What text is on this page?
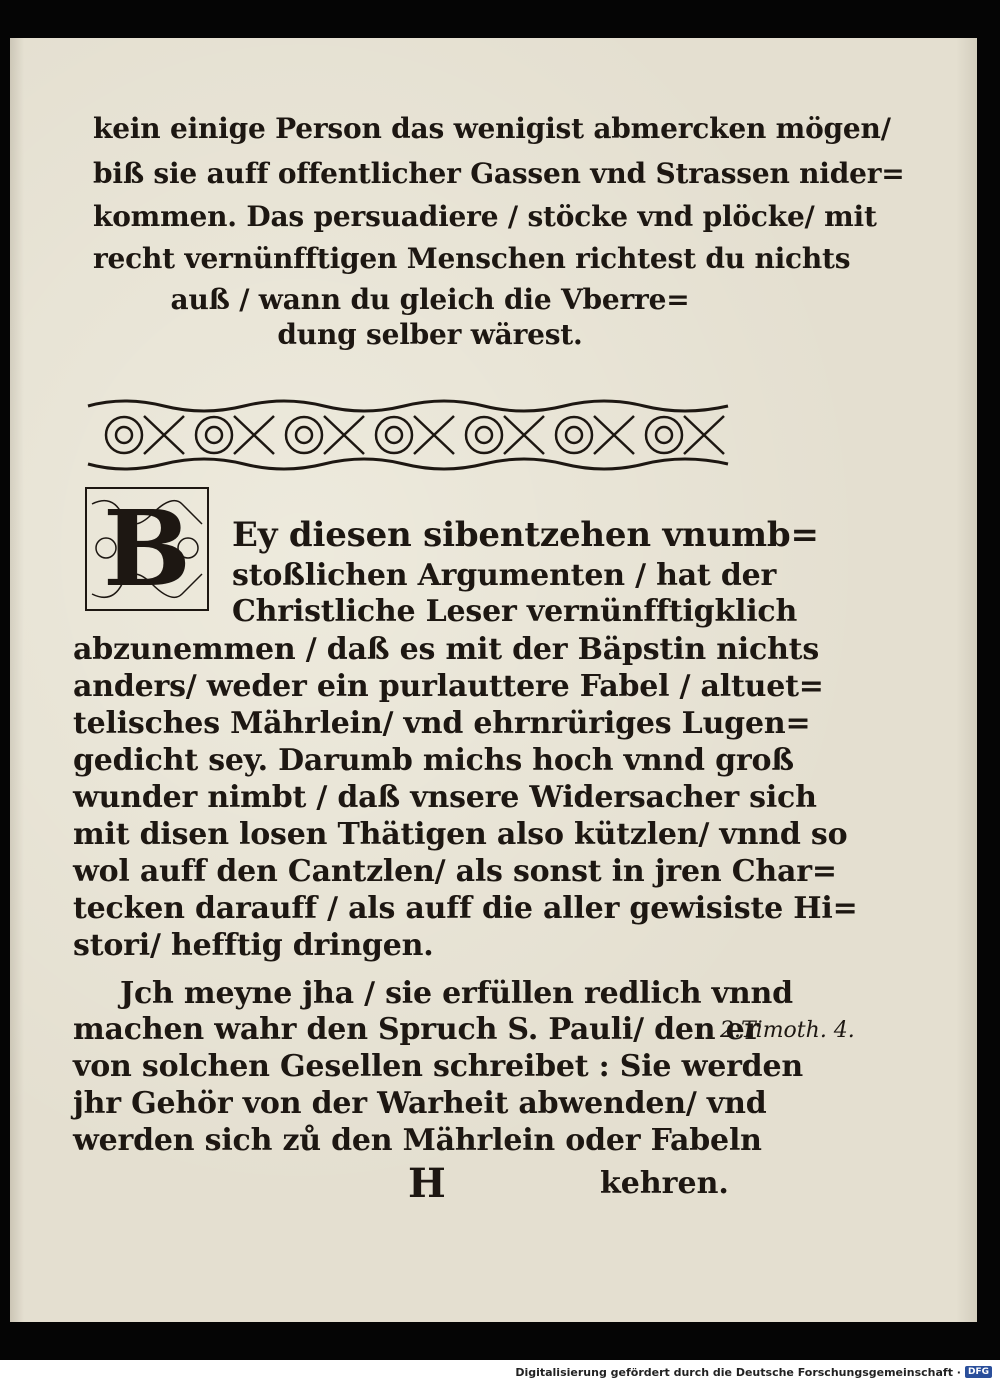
kein einige Person das wenigist abmercken mögen/
biß sie auff offentlicher Gassen vnd Strassen nider=
kommen. Das persuadiere / stöcke vnd plöcke/ mit
recht vernünfftigen Menschen richtest du nichts
auß / wann du gleich die Vberre=
dung selber wärest.
B	Ey diesen sibentzehen vnumb=
stoßlichen Argumenten / hat der
Christliche Leser vernünfftigklich
abzunemmen / daß es mit der Bäpstin nichts
anders/ weder ein purlauttere Fabel / altuet=
telisches Mährlein/ vnd ehrnrüriges Lugen=
gedicht sey. Darumb michs hoch vnnd groß
wunder nimbt / daß vnsere Widersacher sich
mit disen losen Thätigen also kützlen/ vnnd so
wol auff den Cantzlen/ als sonst in jren Char=
tecken darauff / als auff die aller gewisiste Hi=
stori/ hefftig dringen.
Jch meyne jha / sie erfüllen redlich vnnd
machen wahr den Spruch S. Pauli/ den er
von solchen Gesellen schreibet : Sie werden
jhr Gehör von der Warheit abwenden/ vnd
werden sich zů den Mährlein oder Fabeln
2.Timoth. 4.
H	kehren.
Digitalisierung gefördert durch die Deutsche Forschungsgemeinschaft · DFG
